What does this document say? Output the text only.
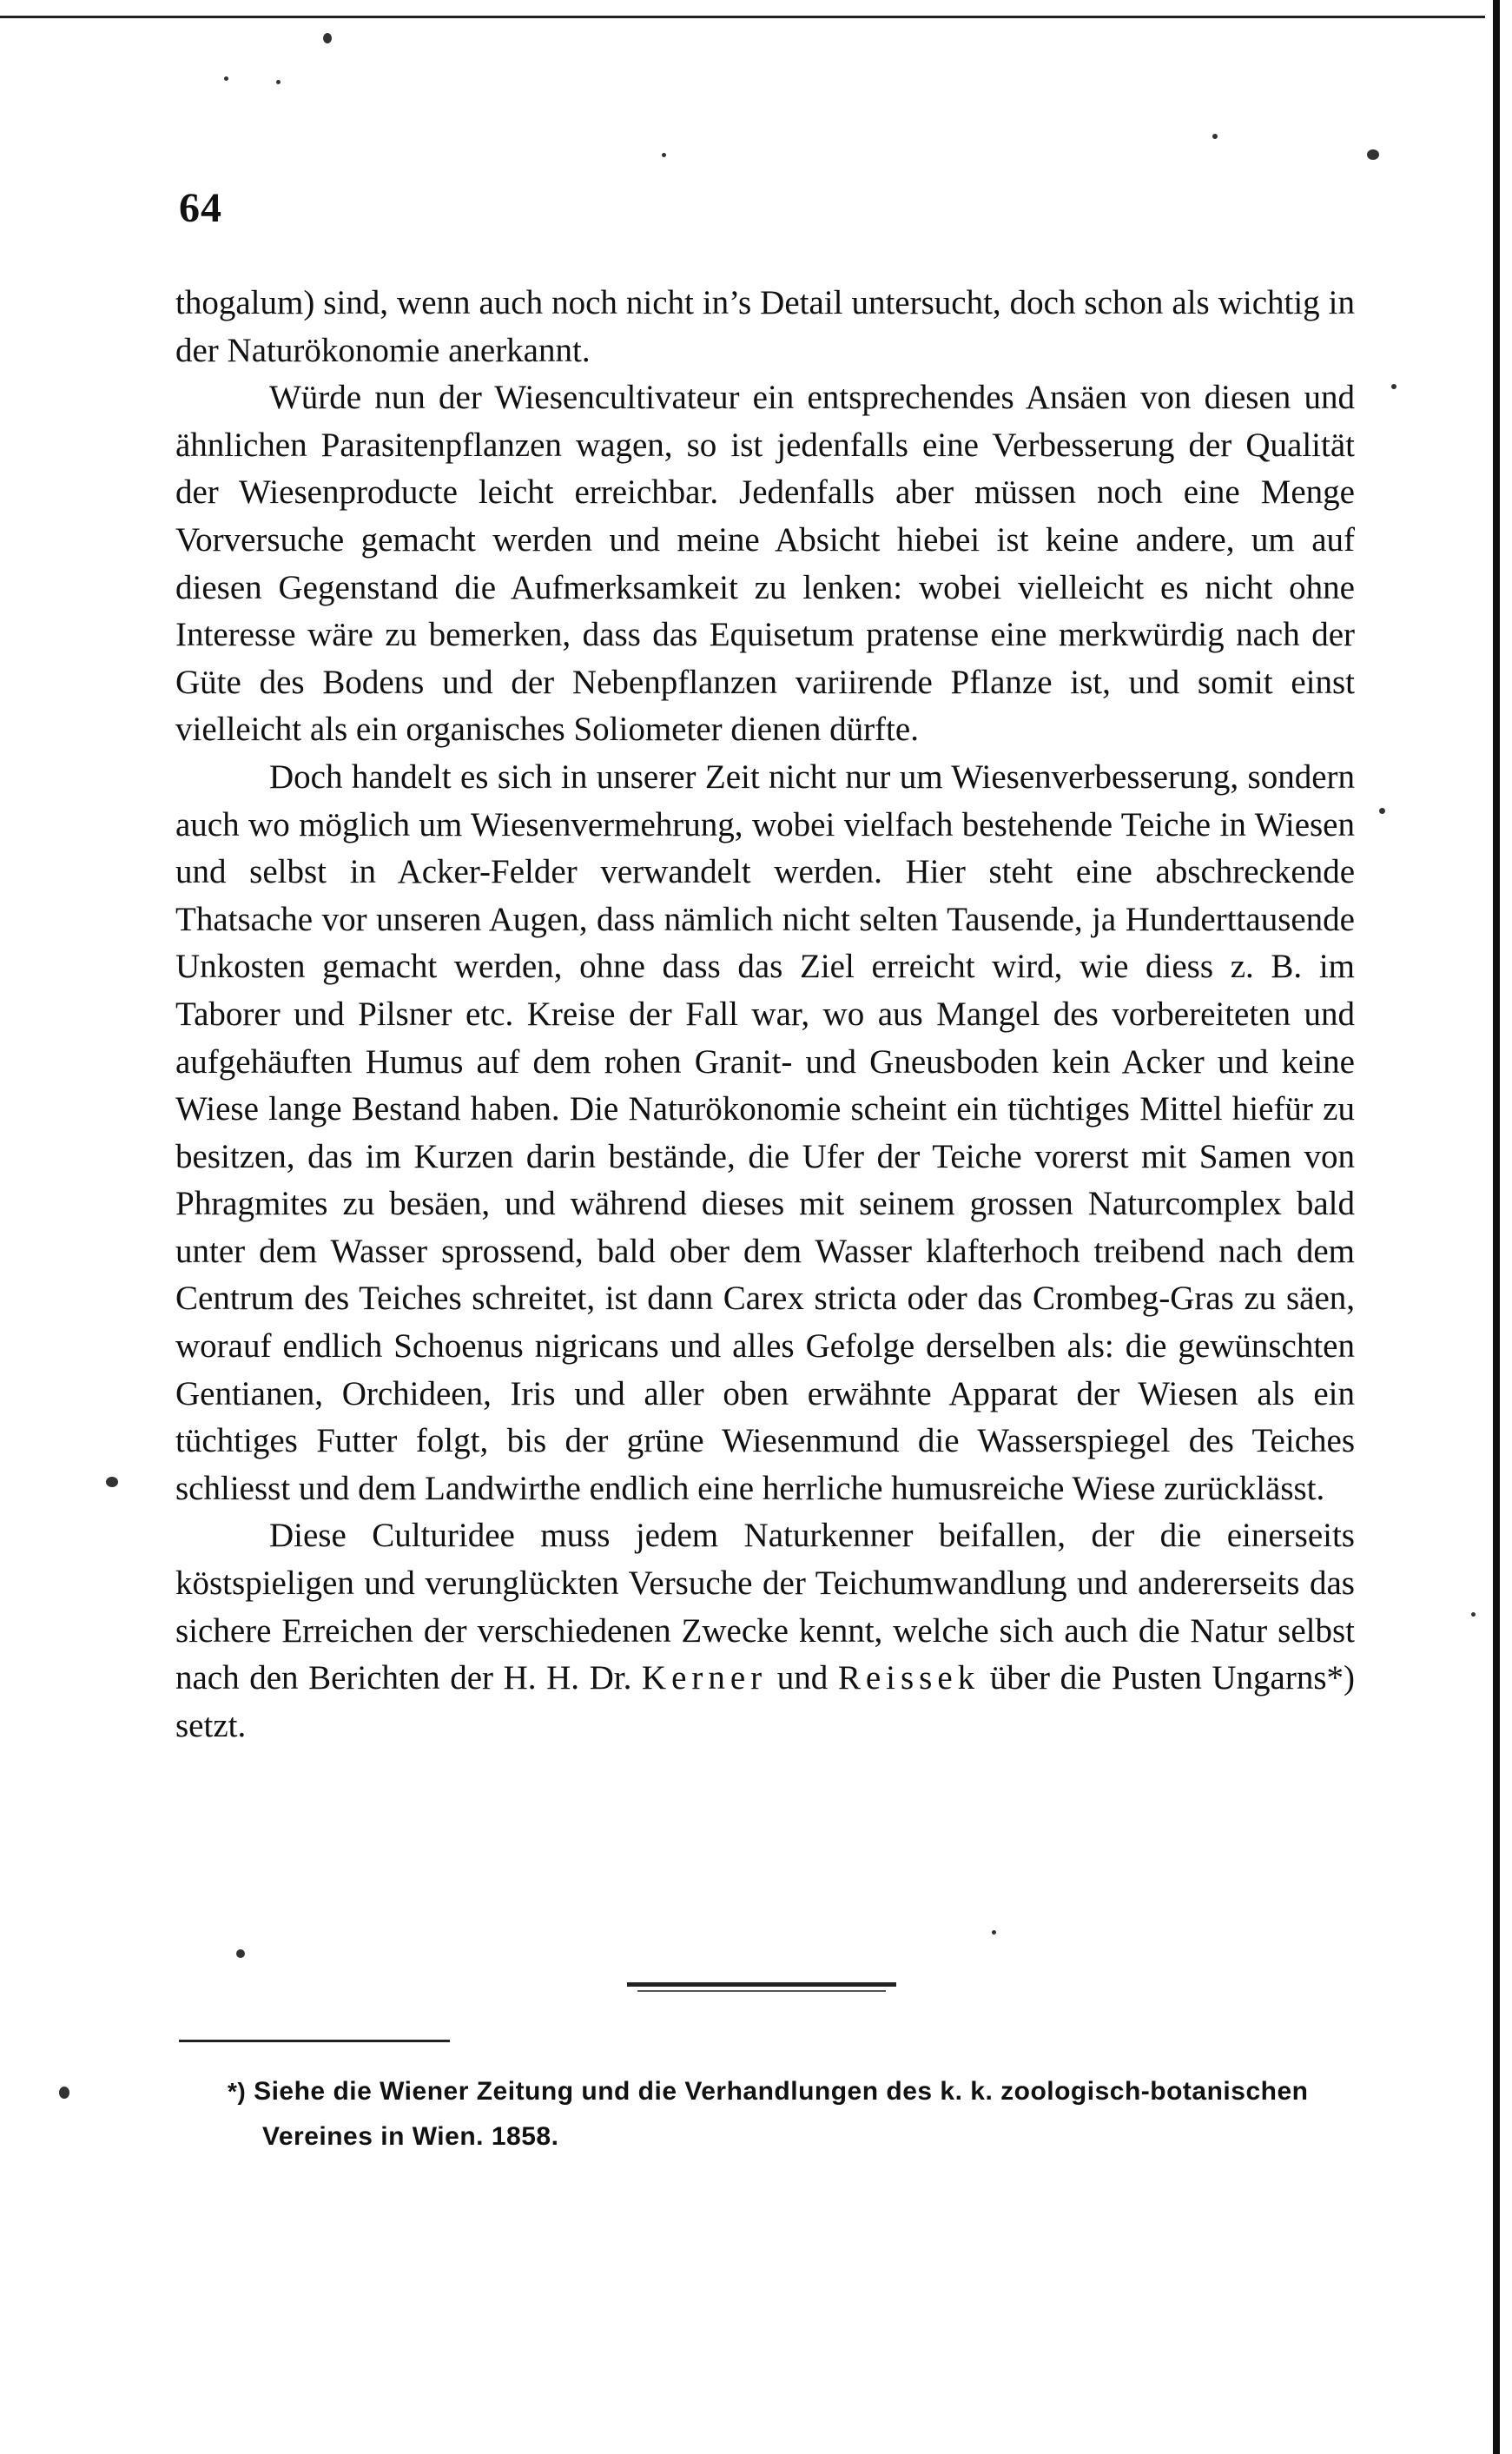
64

thogalum) sind, wenn auch noch nicht in’s Detail untersucht, doch schon als wichtig in der Naturökonomie anerkannt.

Würde nun der Wiesencultivateur ein entsprechendes Ansäen von diesen und ähnlichen Parasitenpflanzen wagen, so ist jedenfalls eine Verbesserung der Qualität der Wiesenproducte leicht erreichbar. Jedenfalls aber müssen noch eine Menge Vorversuche gemacht werden und meine Absicht hiebei ist keine andere, um auf diesen Gegenstand die Aufmerksamkeit zu lenken: wobei vielleicht es nicht ohne Interesse wäre zu bemerken, dass das Equisetum pratense eine merkwürdig nach der Güte des Bodens und der Nebenpflanzen variirende Pflanze ist, und somit einst vielleicht als ein organisches Soliometer dienen dürfte.

Doch handelt es sich in unserer Zeit nicht nur um Wiesenverbesserung, sondern auch wo möglich um Wiesenvermehrung, wobei vielfach bestehende Teiche in Wiesen und selbst in Acker-Felder verwandelt werden. Hier steht eine abschreckende Thatsache vor unseren Augen, dass nämlich nicht selten Tausende, ja Hunderttausende Unkosten gemacht werden, ohne dass das Ziel erreicht wird, wie diess z. B. im Taborer und Pilsner etc. Kreise der Fall war, wo aus Mangel des vorbereiteten und aufgehäuften Humus auf dem rohen Granit- und Gneusboden kein Acker und keine Wiese lange Bestand haben. Die Naturökonomie scheint ein tüchtiges Mittel hiefür zu besitzen, das im Kurzen darin bestände, die Ufer der Teiche vorerst mit Samen von Phragmites zu besäen, und während dieses mit seinem grossen Naturcomplex bald unter dem Wasser sprossend, bald ober dem Wasser klafterhoch treibend nach dem Centrum des Teiches schreitet, ist dann Carex stricta oder das Crombeg-Gras zu säen, worauf endlich Schoenus nigricans und alles Gefolge derselben als: die gewünschten Gentianen, Orchideen, Iris und aller oben erwähnte Apparat der Wiesen als ein tüchtiges Futter folgt, bis der grüne Wiesenmund die Wasserspiegel des Teiches schliesst und dem Landwirthe endlich eine herrliche humusreiche Wiese zurücklässt.

Diese Culturidee muss jedem Naturkenner beifallen, der die einerseits köstspieligen und verunglückten Versuche der Teichumwandlung und andererseits das sichere Erreichen der verschiedenen Zwecke kennt, welche sich auch die Natur selbst nach den Berichten der H. H. Dr. Kerner und Reissek über die Pusten Ungarns*) setzt.

*) Siehe die Wiener Zeitung und die Verhandlungen des k. k. zoologisch-botanischen
Vereines in Wien. 1858.
